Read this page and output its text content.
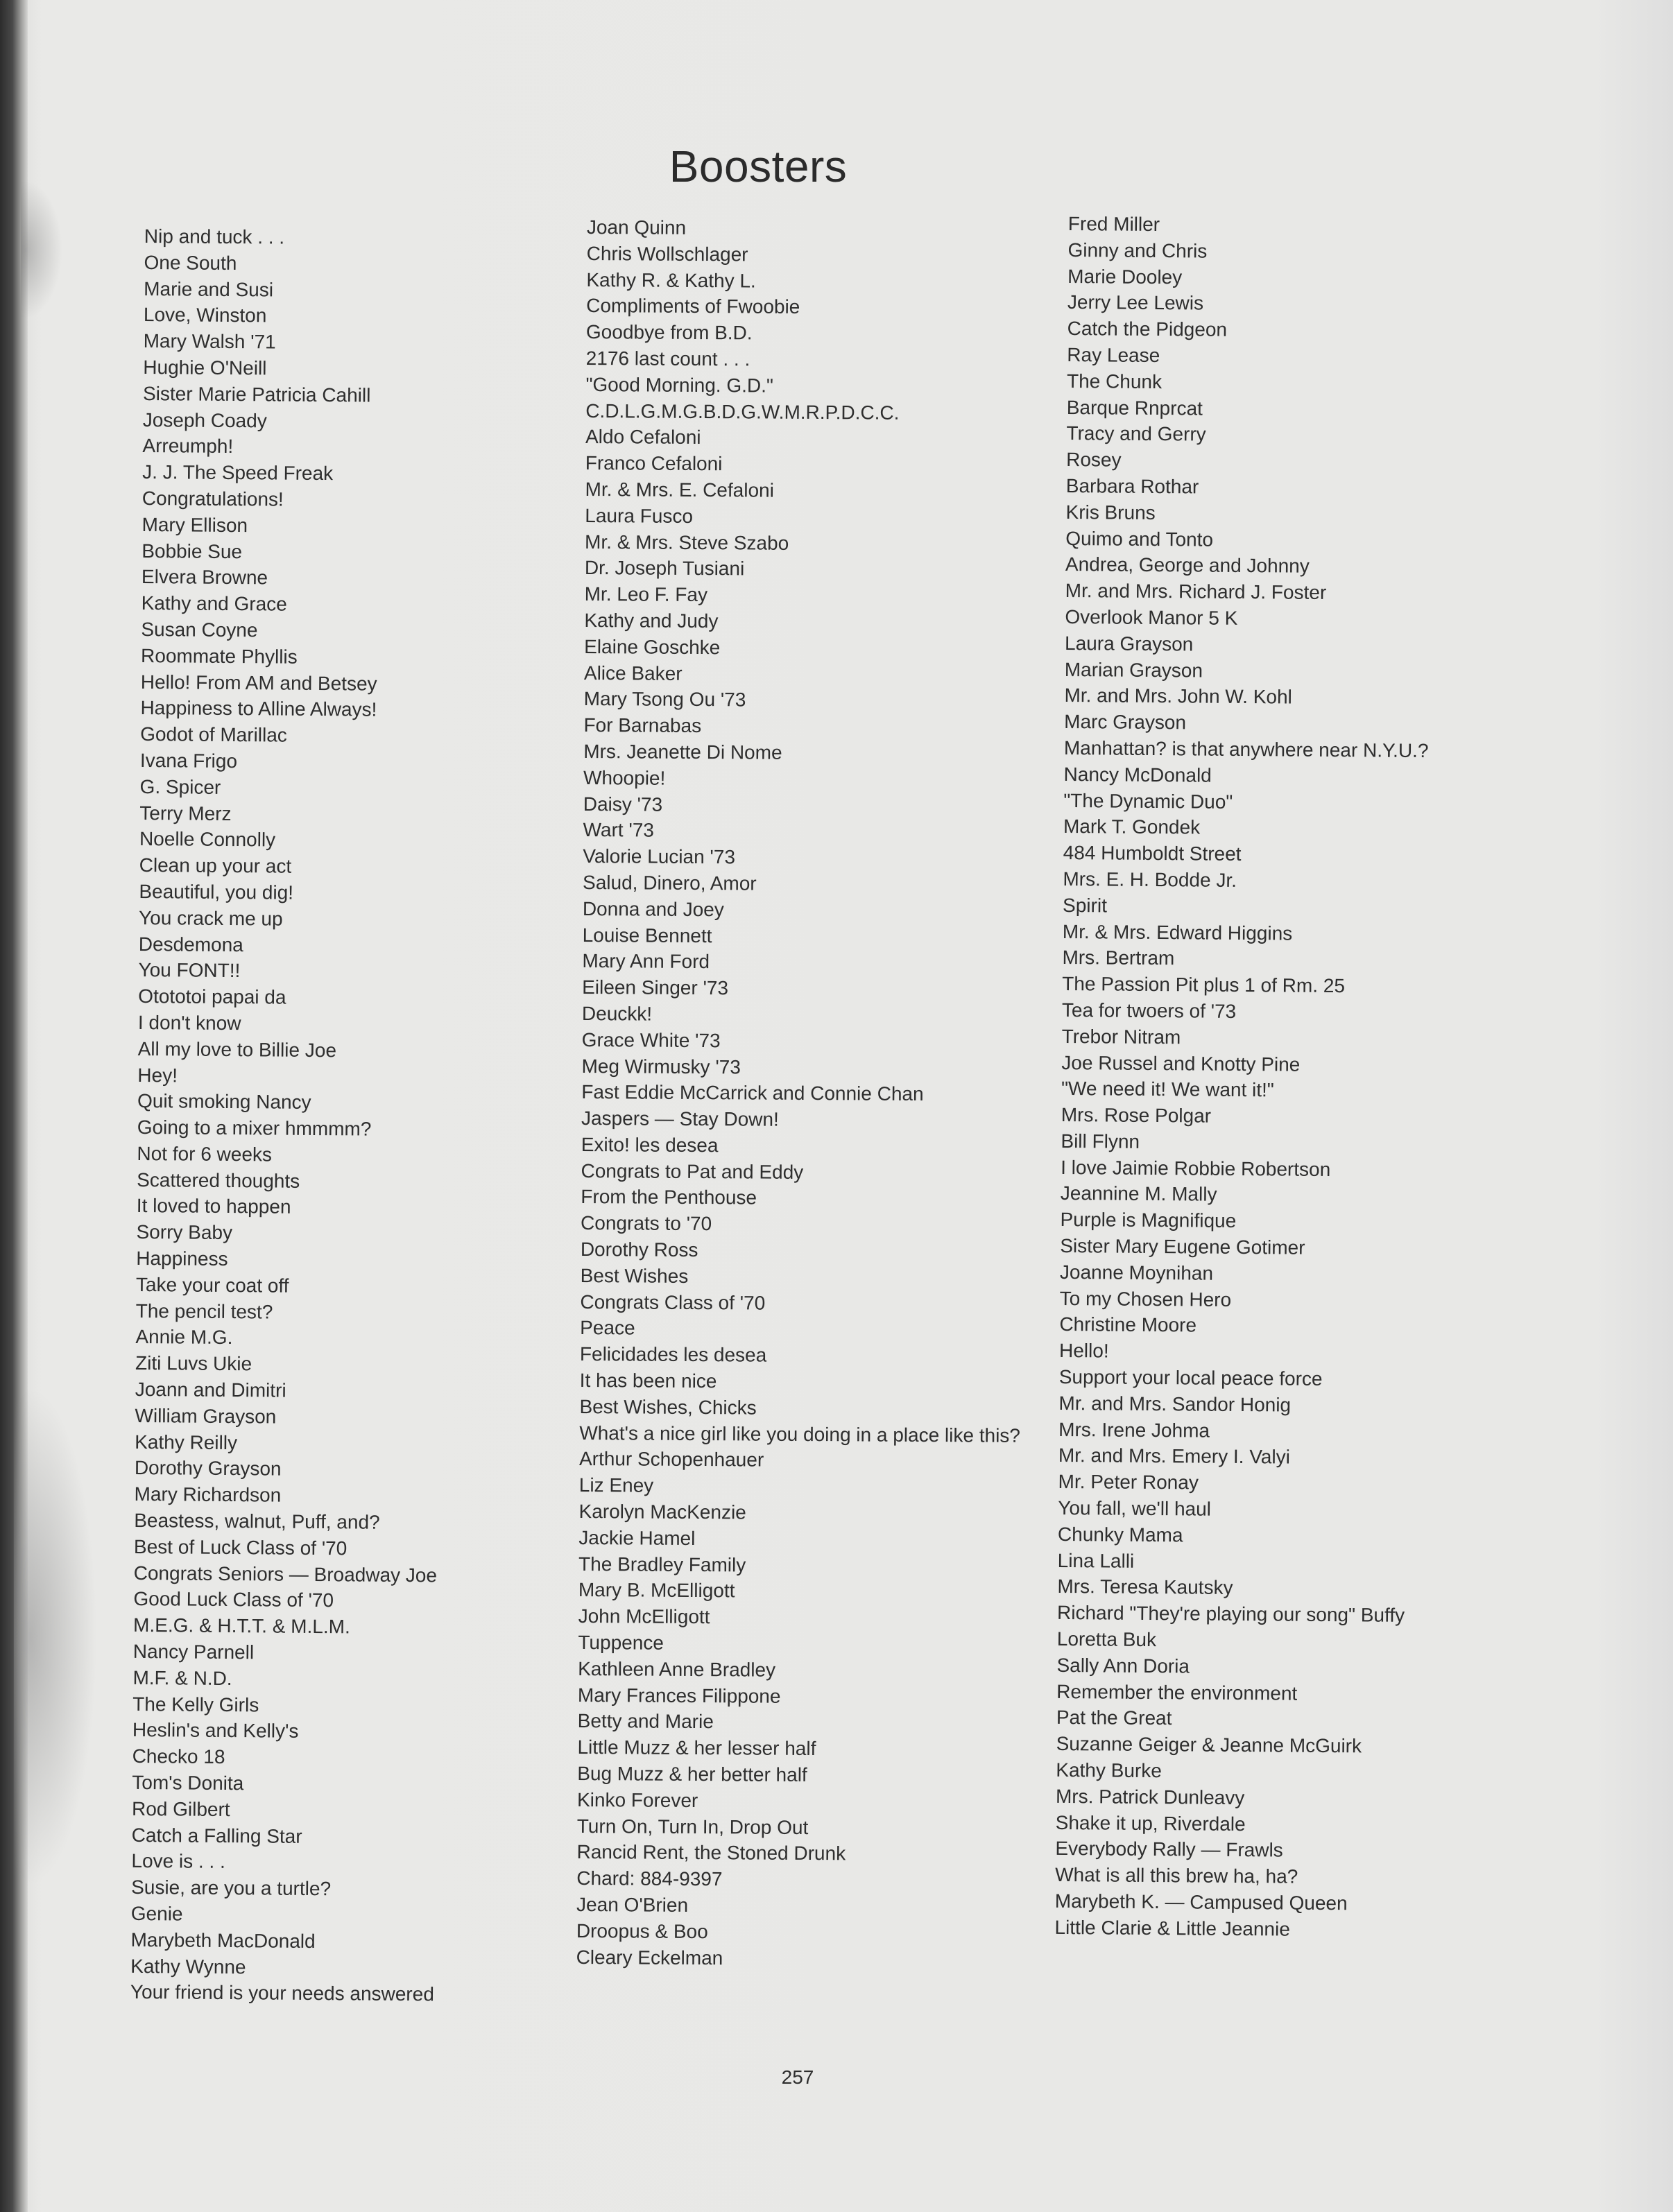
Boosters
Nip and tuck . . .
One South
Marie and Susi
Love, Winston
Mary Walsh '71
Hughie O'Neill
Sister Marie Patricia Cahill
Joseph Coady
Arreumph!
J. J. The Speed Freak
Congratulations!
Mary Ellison
Bobbie Sue
Elvera Browne
Kathy and Grace
Susan Coyne
Roommate Phyllis
Hello! From AM and Betsey
Happiness to Alline Always!
Godot of Marillac
Ivana Frigo
G. Spicer
Terry Merz
Noelle Connolly
Clean up your act
Beautiful, you dig!
You crack me up
Desdemona
You FONT!!
Otototoi papai da
I don't know
All my love to Billie Joe
Hey!
Quit smoking Nancy
Going to a mixer hmmmm?
Not for 6 weeks
Scattered thoughts
It loved to happen
Sorry Baby
Happiness
Take your coat off
The pencil test?
Annie M.G.
Ziti Luvs Ukie
Joann and Dimitri
William Grayson
Kathy Reilly
Dorothy Grayson
Mary Richardson
Beastess, walnut, Puff, and?
Best of Luck Class of '70
Congrats Seniors — Broadway Joe
Good Luck Class of '70
M.E.G. & H.T.T. & M.L.M.
Nancy Parnell
M.F. & N.D.
The Kelly Girls
Heslin's and Kelly's
Checko 18
Tom's Donita
Rod Gilbert
Catch a Falling Star
Love is . . .
Susie, are you a turtle?
Genie
Marybeth MacDonald
Kathy Wynne
Your friend is your needs answered
Joan Quinn
Chris Wollschlager
Kathy R. & Kathy L.
Compliments of Fwoobie
Goodbye from B.D.
2176 last count . . .
"Good Morning. G.D."
C.D.L.G.M.G.B.D.G.W.M.R.P.D.C.C.
Aldo Cefaloni
Franco Cefaloni
Mr. & Mrs. E. Cefaloni
Laura Fusco
Mr. & Mrs. Steve Szabo
Dr. Joseph Tusiani
Mr. Leo F. Fay
Kathy and Judy
Elaine Goschke
Alice Baker
Mary Tsong Ou '73
For Barnabas
Mrs. Jeanette Di Nome
Whoopie!
Daisy '73
Wart '73
Valorie Lucian '73
Salud, Dinero, Amor
Donna and Joey
Louise Bennett
Mary Ann Ford
Eileen Singer '73
Deuckk!
Grace White '73
Meg Wirmusky '73
Fast Eddie McCarrick and Connie Chan
Jaspers — Stay Down!
Exito! les desea
Congrats to Pat and Eddy
From the Penthouse
Congrats to '70
Dorothy Ross
Best Wishes
Congrats Class of '70
Peace
Felicidades les desea
It has been nice
Best Wishes, Chicks
What's a nice girl like you doing in a place like this?
Arthur Schopenhauer
Liz Eney
Karolyn MacKenzie
Jackie Hamel
The Bradley Family
Mary B. McElligott
John McElligott
Tuppence
Kathleen Anne Bradley
Mary Frances Filippone
Betty and Marie
Little Muzz & her lesser half
Bug Muzz & her better half
Kinko Forever
Turn On, Turn In, Drop Out
Rancid Rent, the Stoned Drunk
Chard: 884-9397
Jean O'Brien
Droopus & Boo
Cleary Eckelman
Fred Miller
Ginny and Chris
Marie Dooley
Jerry Lee Lewis
Catch the Pidgeon
Ray Lease
The Chunk
Barque Rnprcat
Tracy and Gerry
Rosey
Barbara Rothar
Kris Bruns
Quimo and Tonto
Andrea, George and Johnny
Mr. and Mrs. Richard J. Foster
Overlook Manor 5 K
Laura Grayson
Marian Grayson
Mr. and Mrs. John W. Kohl
Marc Grayson
Manhattan? is that anywhere near N.Y.U.?
Nancy McDonald
"The Dynamic Duo"
Mark T. Gondek
484 Humboldt Street
Mrs. E. H. Bodde Jr.
Spirit
Mr. & Mrs. Edward Higgins
Mrs. Bertram
The Passion Pit plus 1 of Rm. 25
Tea for twoers of '73
Trebor Nitram
Joe Russel and Knotty Pine
"We need it! We want it!"
Mrs. Rose Polgar
Bill Flynn
I love Jaimie Robbie Robertson
Jeannine M. Mally
Purple is Magnifique
Sister Mary Eugene Gotimer
Joanne Moynihan
To my Chosen Hero
Christine Moore
Hello!
Support your local peace force
Mr. and Mrs. Sandor Honig
Mrs. Irene Johma
Mr. and Mrs. Emery I. Valyi
Mr. Peter Ronay
You fall, we'll haul
Chunky Mama
Lina Lalli
Mrs. Teresa Kautsky
Richard "They're playing our song" Buffy
Loretta Buk
Sally Ann Doria
Remember the environment
Pat the Great
Suzanne Geiger & Jeanne McGuirk
Kathy Burke
Mrs. Patrick Dunleavy
Shake it up, Riverdale
Everybody Rally — Frawls
What is all this brew ha, ha?
Marybeth K. — Campused Queen
Little Clarie & Little Jeannie
257
